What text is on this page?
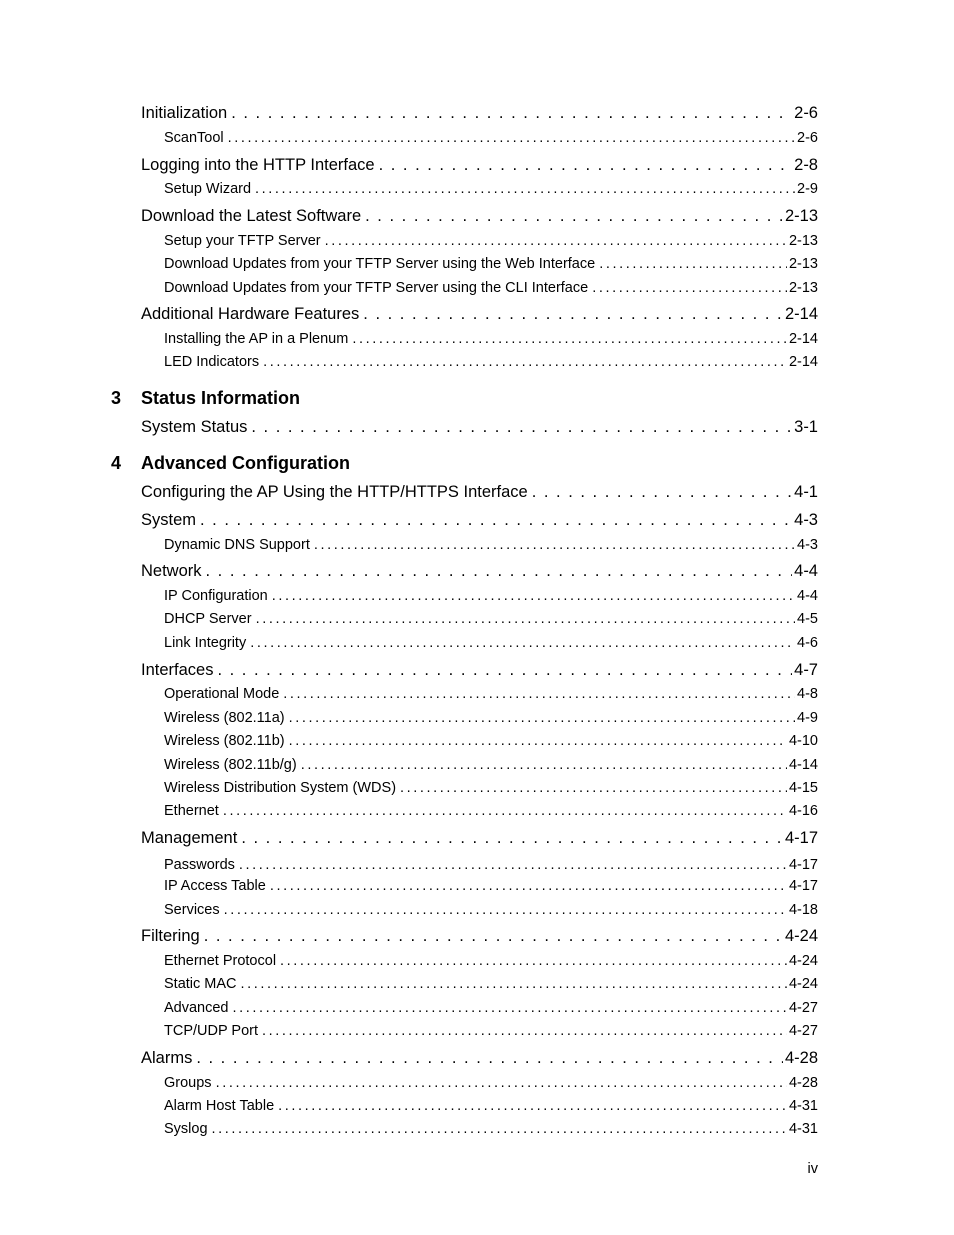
Initialization . . .	2-6
ScanTool .....	2-6
Logging into the HTTP Interface . . .	2-8
Setup Wizard .....	2-9
Download the Latest Software . . .	2-13
Setup your TFTP Server .....	2-13
Download Updates from your TFTP Server using the Web Interface .....	2-13
Download Updates from your TFTP Server using the CLI Interface .....	2-13
Additional Hardware Features . . .	2-14
Installing the AP in a Plenum .....	2-14
LED Indicators .....	2-14
3 Status Information
System Status . . .	3-1
4 Advanced Configuration
Configuring the AP Using the HTTP/HTTPS Interface . . .	4-1
System . . .	4-3
Dynamic DNS Support .....	4-3
Network . . .	4-4
IP Configuration .....	4-4
DHCP Server .....	4-5
Link Integrity .....	4-6
Interfaces . . .	4-7
Operational Mode .....	4-8
Wireless (802.11a) .....	4-9
Wireless (802.11b) .....	4-10
Wireless (802.11b/g) .....	4-14
Wireless Distribution System (WDS) .....	4-15
Ethernet .....	4-16
Management . . .	4-17
Passwords .....	4-17
IP Access Table .....	4-17
Services .....	4-18
Filtering . . .	4-24
Ethernet Protocol .....	4-24
Static MAC .....	4-24
Advanced .....	4-27
TCP/UDP Port .....	4-27
Alarms . . .	4-28
Groups .....	4-28
Alarm Host Table .....	4-31
Syslog .....	4-31
iv
